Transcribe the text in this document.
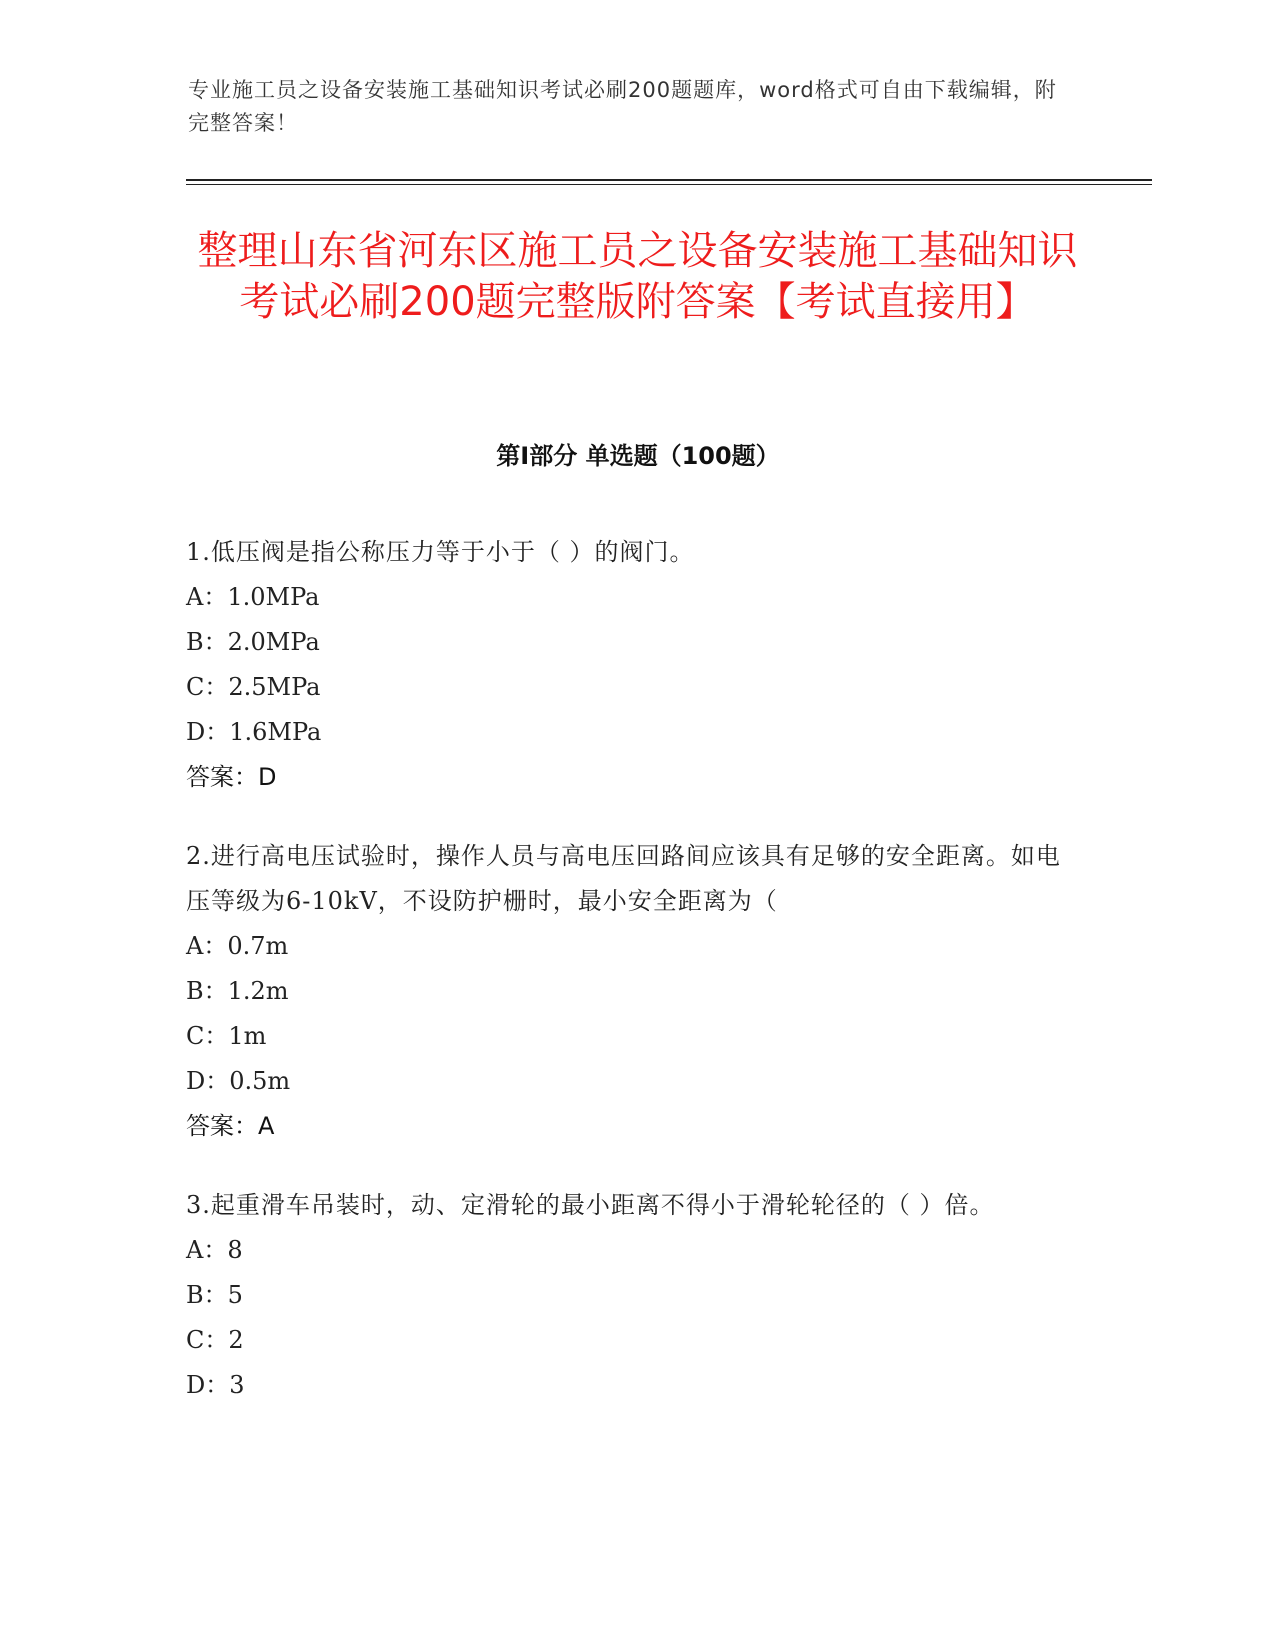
专业施工员之设备安装施工基础知识考试必刷200题题库，word格式可自由下载编辑，附完整答案！
整理山东省河东区施工员之设备安装施工基础知识考试必刷200题完整版附答案【考试直接用】
第Ⅰ部分 单选题（100题）

1.低压阀是指公称压力等于小于（ ）的阀门。

A：1.0MPa

B：2.0MPa

C：2.5MPa

D：1.6MPa

答案：D

2.进行高电压试验时，操作人员与高电压回路间应该具有足够的安全距离。如电压等级为6-10kV，不设防护栅时，最小安全距离为（

A：0.7m

B：1.2m

C：1m

D：0.5m

答案：A

3.起重滑车吊装时，动、定滑轮的最小距离不得小于滑轮轮径的（ ）倍。

A：8

B：5

C：2

D：3
